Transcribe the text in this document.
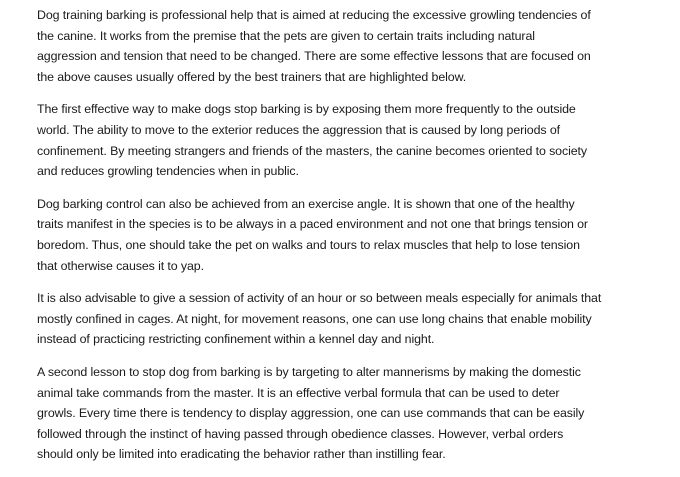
Dog training barking is professional help that is aimed at reducing the excessive growling tendencies of
the canine. It works from the premise that the pets are given to certain traits including natural
aggression and tension that need to be changed. There are some effective lessons that are focused on
the above causes usually offered by the best trainers that are highlighted below.

The first effective way to make dogs stop barking is by exposing them more frequently to the outside
world. The ability to move to the exterior reduces the aggression that is caused by long periods of
confinement. By meeting strangers and friends of the masters, the canine becomes oriented to society
and reduces growling tendencies when in public.

Dog barking control can also be achieved from an exercise angle. It is shown that one of the healthy
traits manifest in the species is to be always in a paced environment and not one that brings tension or
boredom. Thus, one should take the pet on walks and tours to relax muscles that help to lose tension
that otherwise causes it to yap.

It is also advisable to give a session of activity of an hour or so between meals especially for animals that
mostly confined in cages. At night, for movement reasons, one can use long chains that enable mobility
instead of practicing restricting confinement within a kennel day and night.

A second lesson to stop dog from barking is by targeting to alter mannerisms by making the domestic
animal take commands from the master. It is an effective verbal formula that can be used to deter
growls. Every time there is tendency to display aggression, one can use commands that can be easily
followed through the instinct of having passed through obedience classes. However, verbal orders
should only be limited into eradicating the behavior rather than instilling fear.
